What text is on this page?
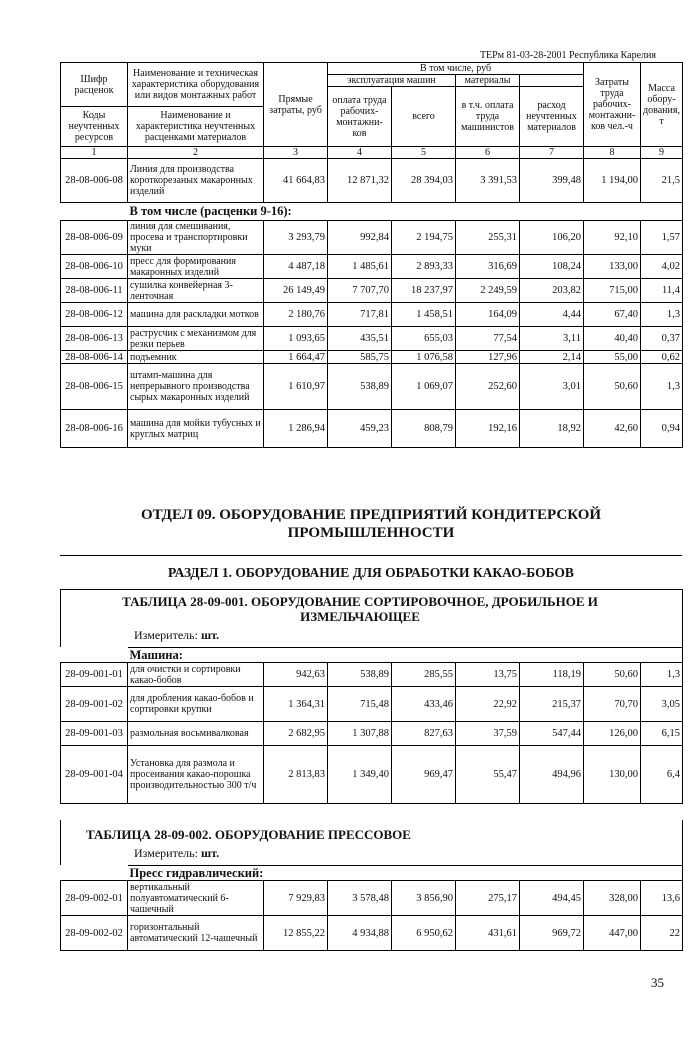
ТЕРм 81-03-28-2001 Республика Карелия
Шифр расценок	Наименование и техническая характеристика оборудования или видов монтажных работ	Прямые затраты, руб	В том числе, руб				Затраты труда рабочих-монтажни-ков чел.-ч	Масса обору-дования, т
			эксплуатация машин		материалы			
			оплата труда рабочих-монтажни-ков	всего	в т.ч. оплата труда машинистов	расход неучтенных материалов		
Коды неучтенных ресурсов	Наименование и характеристика неучтенных расценками материалов							

1	2	3	4	5	6	7	8	9
28-08-006-08	Линия для производства короткорезаных макаронных изделий	41 664,83	12 871,32	28 394,03	3 391,53	399,48	1 194,00	21,5
	В том числе (расценки 9-16):							
28-08-006-09	линия для смешивания, просева и транспортировки муки	3 293,79	992,84	2 194,75	255,31	106,20	92,10	1,57
28-08-006-10	пресс для формирования макаронных изделий	4 487,18	1 485,61	2 893,33	316,69	108,24	133,00	4,02
28-08-006-11	сушилка конвейерная 3-ленточная	26 149,49	7 707,70	18 237,97	2 249,59	203,82	715,00	11,4
28-08-006-12	машина для раскладки мотков	2 180,76	717,81	1 458,51	164,09	4,44	67,40	1,3
28-08-006-13	раструсчик с механизмом для резки перьев	1 093,65	435,51	655,03	77,54	3,11	40,40	0,37
28-08-006-14	подъемник	1 664,47	585,75	1 076,58	127,96	2,14	55,00	0,62
28-08-006-15	штамп-машина для непрерывного производства сырых макаронных изделий	1 610,97	538,89	1 069,07	252,60	3,01	50,60	1,3
28-08-006-16	машина для мойки тубусных и круглых матриц	1 286,94	459,23	808,79	192,16	18,92	42,60	0,94
ОТДЕЛ 09. ОБОРУДОВАНИЕ ПРЕДПРИЯТИЙ КОНДИТЕРСКОЙ ПРОМЫШЛЕННОСТИ
РАЗДЕЛ 1. ОБОРУДОВАНИЕ ДЛЯ ОБРАБОТКИ КАКАО-БОБОВ
ТАБЛИЦА 28-09-001. ОБОРУДОВАНИЕ СОРТИРОВОЧНОЕ, ДРОБИЛЬНОЕ И ИЗМЕЛЬЧАЮЩЕЕ
Измеритель: шт.
	Машина:							
28-09-001-01	для очистки и сортировки какао-бобов	942,63	538,89	285,55	13,75	118,19	50,60	1,3
28-09-001-02	для дробления какао-бобов и сортировки крупки	1 364,31	715,48	433,46	22,92	215,37	70,70	3,05
28-09-001-03	размольная восьмивалковая	2 682,95	1 307,88	827,63	37,59	547,44	126,00	6,15
28-09-001-04	Установка для размола и просеивания какао-порошка производительностью 300 т/ч	2 813,83	1 349,40	969,47	55,47	494,96	130,00	6,4
ТАБЛИЦА 28-09-002. ОБОРУДОВАНИЕ ПРЕССОВОЕ
Измеритель: шт.
	Пресс гидравлический:							
28-09-002-01	вертикальный полуавтоматический 6-чашечный	7 929,83	3 578,48	3 856,90	275,17	494,45	328,00	13,6
28-09-002-02	горизонтальный автоматический 12-чашечный	12 855,22	4 934,88	6 950,62	431,61	969,72	447,00	22
35
